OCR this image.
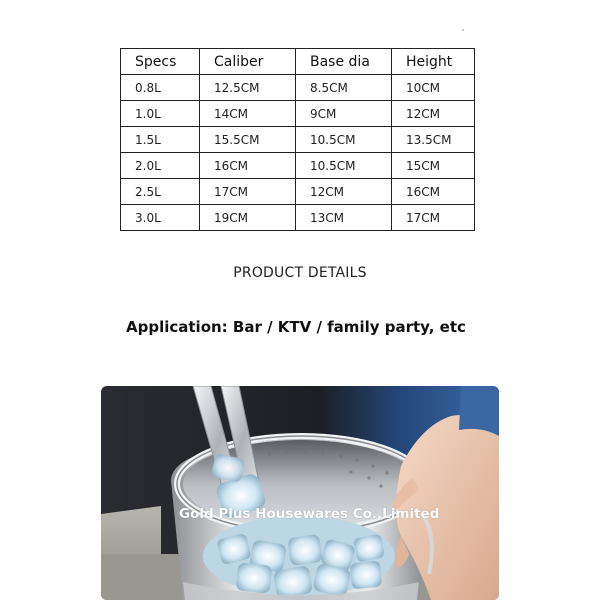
Specs	Caliber	Base dia	Height
0.8L	12.5CM	8.5CM	10CM
1.0L	14CM	9CM	12CM
1.5L	15.5CM	10.5CM	13.5CM
2.0L	16CM	10.5CM	15CM
2.5L	17CM	12CM	16CM
3.0L	19CM	13CM	17CM
PRODUCT DETAILS
Application: Bar / KTV / family party, etc
Gold Plus Housewares Co.,Limited
